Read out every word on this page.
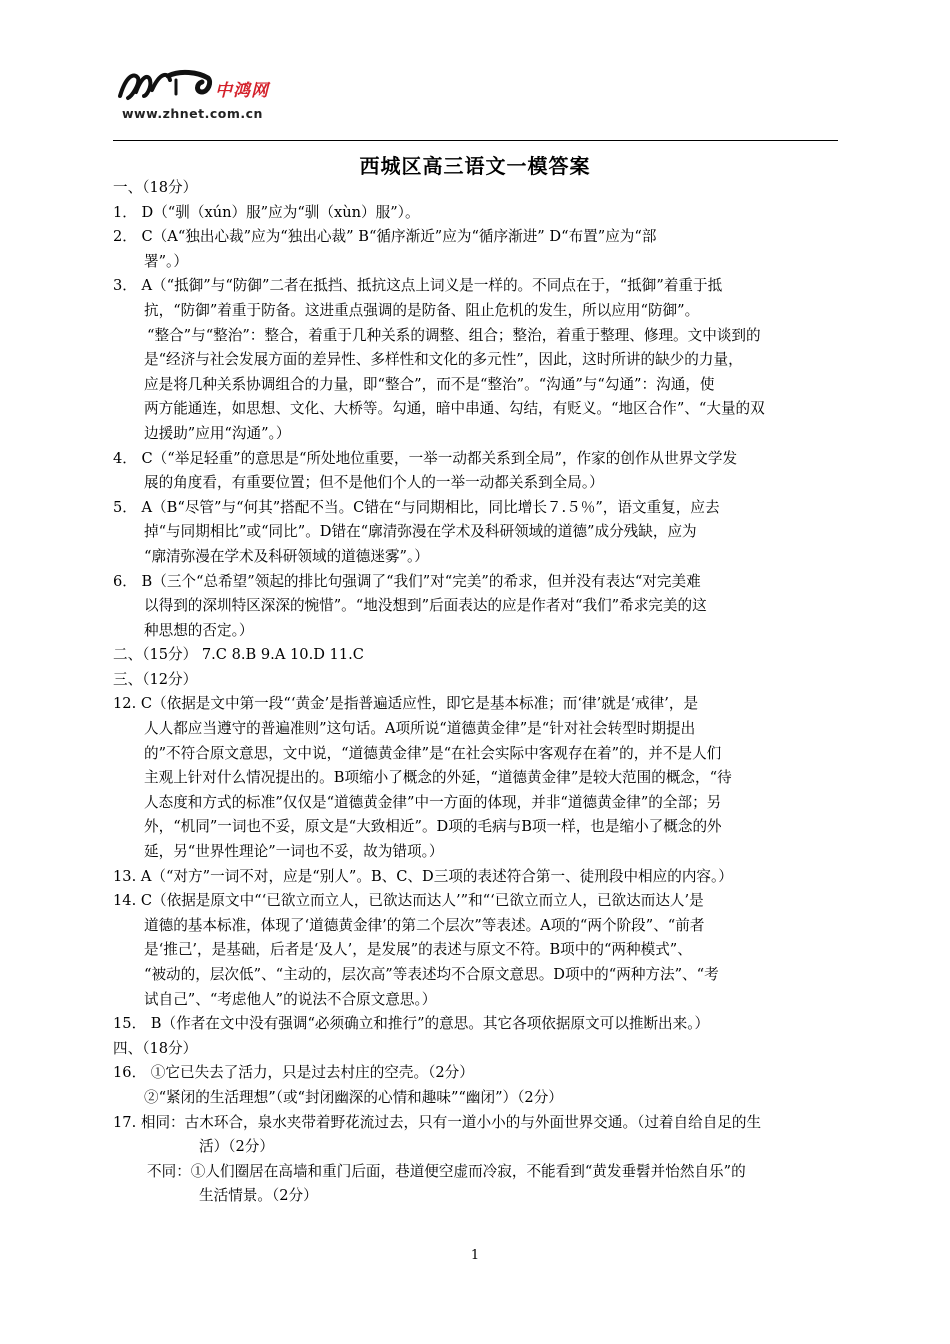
中鸿网
www.zhnet.com.cn
西城区高三语文一模答案
一、（18分）
1． D（“驯（xún）服”应为“驯（xùn）服”）。
2． C（A“独出心裁”应为“独出心裁” B“循序渐近”应为“循序渐进” D“布置”应为“部
署”。）
3． A（“抵御”与“防御”二者在抵挡、抵抗这点上词义是一样的。不同点在于，“抵御”着重于抵
抗，“防御”着重于防备。这进重点强调的是防备、阻止危机的发生，所以应用“防御”。
“整合”与“整治”：整合，着重于几种关系的调整、组合；整治，着重于整理、修理。文中谈到的
是“经济与社会发展方面的差异性、多样性和文化的多元性”，因此，这时所讲的缺少的力量，
应是将几种关系协调组合的力量，即“整合”，而不是“整治”。“沟通”与“勾通”：沟通，使
两方能通连，如思想、文化、大桥等。勾通，暗中串通、勾结，有贬义。“地区合作”、“大量的双
边援助”应用“沟通”。）
4． C（“举足轻重”的意思是“所处地位重要，一举一动都关系到全局”，作家的创作从世界文学发
展的角度看，有重要位置；但不是他们个人的一举一动都关系到全局。）
5． A（B“尽管”与“何其”搭配不当。C错在“与同期相比，同比增长７.５％”，语文重复，应去
掉“与同期相比”或“同比”。D错在“廓清弥漫在学术及科研领域的道德”成分残缺，应为
“廓清弥漫在学术及科研领域的道德迷雾”。）
6． B（三个“总希望”领起的排比句强调了“我们”对“完美”的希求，但并没有表达“对完美难
以得到的深圳特区深深的惋惜”。“地没想到”后面表达的应是作者对“我们”希求完美的这
种思想的否定。）
二、（15分） 7.C 8.B 9.A 10.D 11.C
三、（12分）
12. C（依据是文中第一段“‘黄金’是指普遍适应性，即它是基本标准；而‘律’就是‘戒律’，是
人人都应当遵守的普遍准则”这句话。A项所说“道德黄金律”是“针对社会转型时期提出
的”不符合原文意思，文中说，“道德黄金律”是“在社会实际中客观存在着”的，并不是人们
主观上针对什么情况提出的。B项缩小了概念的外延，“道德黄金律”是较大范围的概念，“待
人态度和方式的标准”仅仅是“道德黄金律”中一方面的体现，并非“道德黄金律”的全部；另
外，“机同”一词也不妥，原文是“大致相近”。D项的毛病与B项一样，也是缩小了概念的外
延，另“世界性理论”一词也不妥，故为错项。）
13. A（“对方”一词不对，应是“别人”。B、C、D三项的表述符合第一、徒刑段中相应的内容。）
14. C（依据是原文中“‘已欲立而立人，已欲达而达人’”和“‘已欲立而立人，已欲达而达人’是
道德的基本标准，体现了‘道德黄金律’的第二个层次”等表述。A项的“两个阶段”、“前者
是‘推己’，是基础，后者是‘及人’，是发展”的表述与原文不符。B项中的“两种模式”、
“被动的，层次低”、“主动的，层次高”等表述均不合原文意思。D项中的“两种方法”、“考
试自己”、“考虑他人”的说法不合原文意思。）
15． B（作者在文中没有强调“必须确立和推行”的意思。其它各项依据原文可以推断出来。）
四、（18分）
16． ①它已失去了活力，只是过去村庄的空壳。（2分）
②“紧闭的生活理想”（或“封闭幽深的心情和趣味”“幽闭”）（2分）
17. 相同：古木环合，泉水夹带着野花流过去，只有一道小小的与外面世界交通。（过着自给自足的生
活）（2分）
不同：①人们圈居在高墙和重门后面，巷道便空虚而冷寂，不能看到“黄发垂髫并怡然自乐”的
生活情景。（2分）
1
